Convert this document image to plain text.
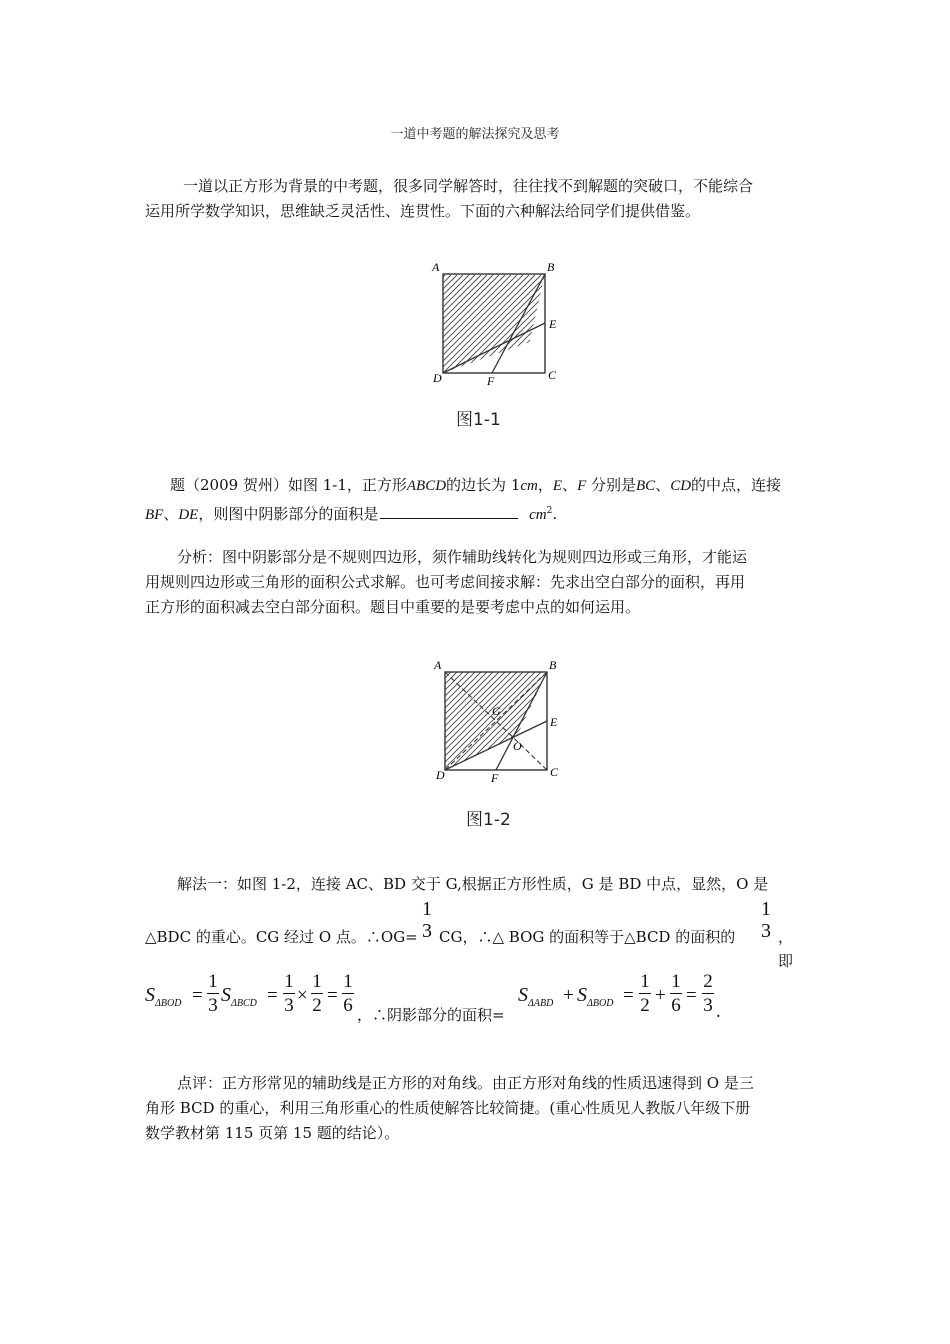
一道中考题的解法探究及思考

一道以正方形为背景的中考题，很多同学解答时，往往找不到解题的突破口，不能综合

运用所学数学知识，思维缺乏灵活性、连贯性。下面的六种解法给同学们提供借鉴。

A	B
E
C
D	F
图1-1

题（2009 贺州）如图 1-1，正方形ABCD的边长为 1cm，E、F 分别是BC、CD的中点，连接

BF、DE，则图中阴影部分的面积是	$cm^2$.

分析：图中阴影部分是不规则四边形，须作辅助线转化为规则四边形或三角形，才能运

用规则四边形或三角形的面积公式求解。也可考虑间接求解：先求出空白部分的面积，再用

正方形的面积减去空白部分面积。题目中重要的是要考虑中点的如何运用。

A	B
G
E
O
C
D	F
图1-2

解法一：如图 1-2，连接 AC、BD 交于 G,根据正方形性质，G 是 BD 中点，显然，O 是

△BDC 的重心。CG 经过 O 点。∴OG=
1
3 CG，∴△ BOG 的面积等于△BCD 的面积的
1
3 ，即

$S_{\Delta BOD}$ =
1
3 $S_{\Delta BCD}$ =
1
3 ×
1
2 =
1
6 ，∴阴影部分的面积=
$S_{\Delta ABD} + S_{\Delta BOD}$ =
1
2 +
1
6 =
2
3 .

点评：正方形常见的辅助线是正方形的对角线。由正方形对角线的性质迅速得到 O 是三

角形 BCD 的重心，利用三角形重心的性质使解答比较简捷。(重心性质见人教版八年级下册

数学教材第 115 页第 15 题的结论）。
